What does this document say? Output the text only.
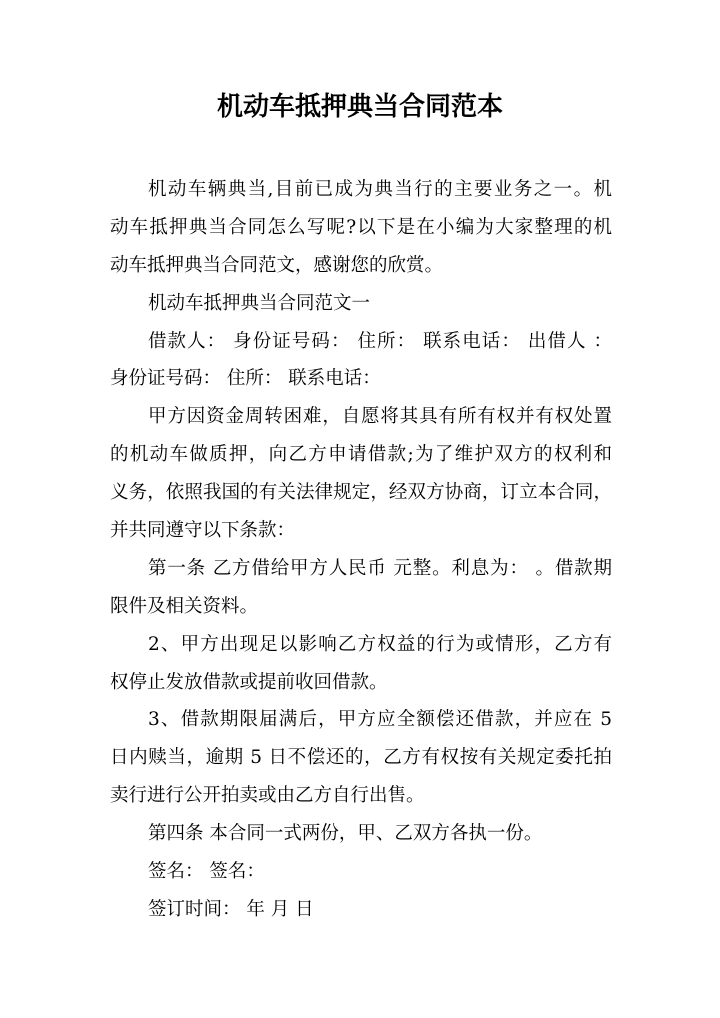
机动车抵押典当合同范本
机动车辆典当,目前已成为典当行的主要业务之一。机
动车抵押典当合同怎么写呢?以下是在小编为大家整理的机
动车抵押典当合同范文，感谢您的欣赏。
机动车抵押典当合同范文一
借款人： 身份证号码： 住所： 联系电话： 出借人 ：
身份证号码： 住所： 联系电话：
甲方因资金周转困难，自愿将其具有所有权并有权处置
的机动车做质押，向乙方申请借款;为了维护双方的权利和
义务，依照我国的有关法律规定，经双方协商，订立本合同，
并共同遵守以下条款：
第一条 乙方借给甲方人民币 元整。利息为： 。借款期
限件及相关资料。
2、甲方出现足以影响乙方权益的行为或情形，乙方有
权停止发放借款或提前收回借款。
3、借款期限届满后，甲方应全额偿还借款，并应在 5
日内赎当，逾期 5 日不偿还的，乙方有权按有关规定委托拍
卖行进行公开拍卖或由乙方自行出售。
第四条 本合同一式两份，甲、乙双方各执一份。
签名： 签名：
签订时间： 年 月 日
